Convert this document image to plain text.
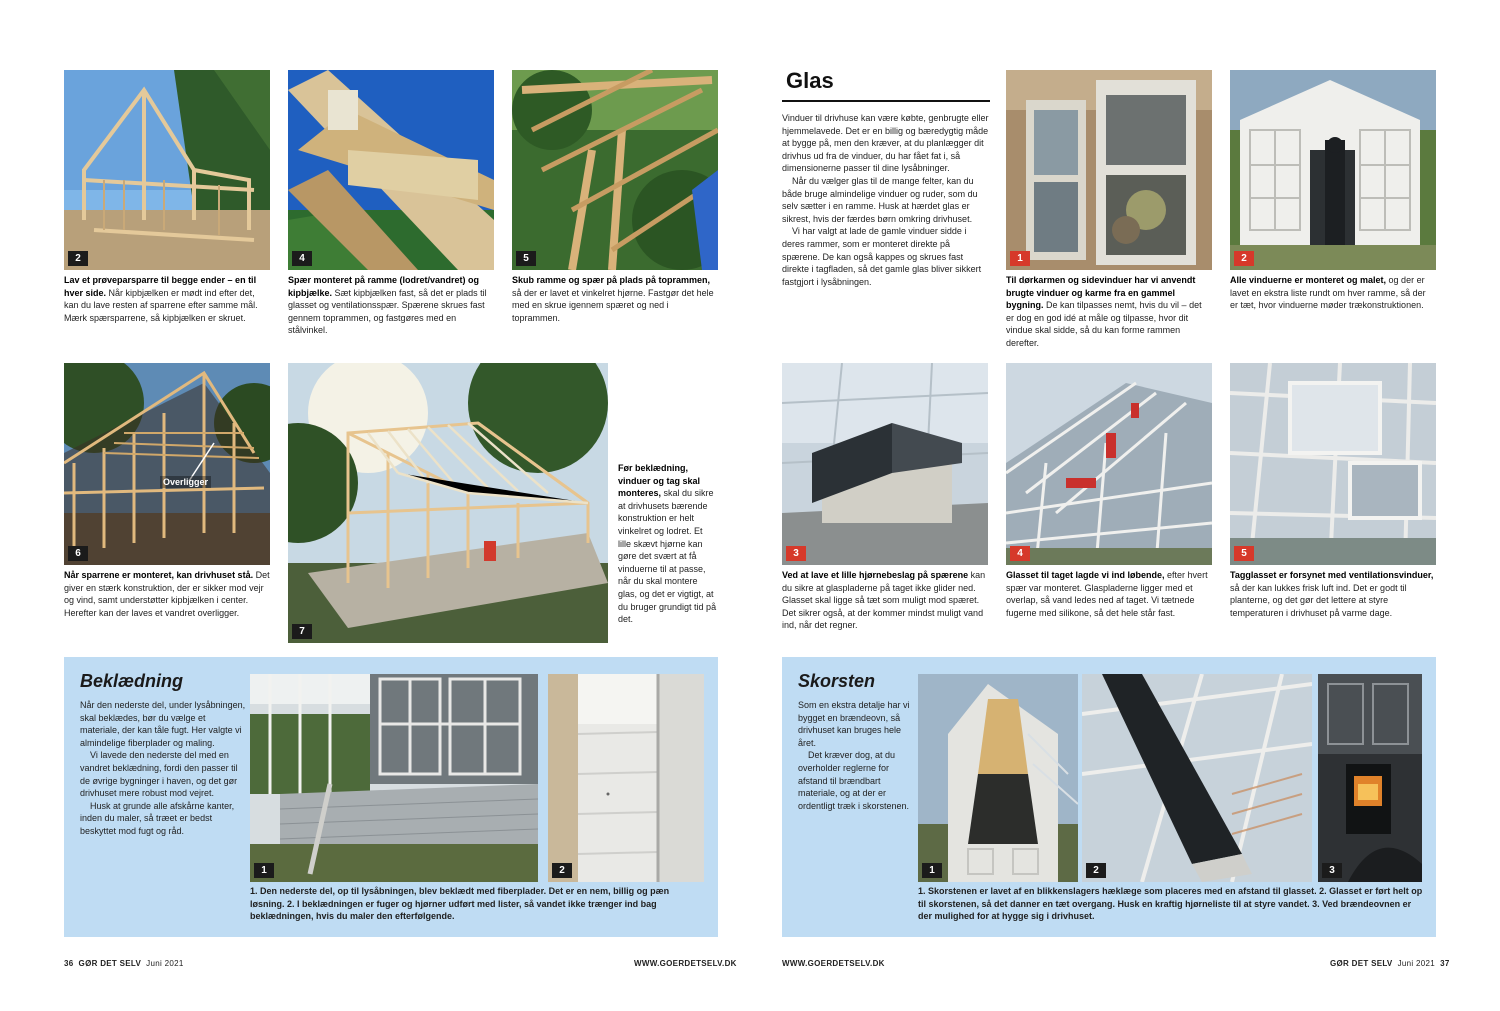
2
Lav et prøveparsparre til begge ender – en til hver side. Når kipbjælken er mødt ind efter det, kan du lave resten af sparrene efter samme mål. Mærk spærsparrene, så kipbjælken er skruet.
4
Spær monteret på ramme (lodret/vandret) og kipbjælke. Sæt kipbjælken fast, så det er plads til glasset og ventilationsspær. Spærene skrues fast gennem toprammen, og fastgøres med en stålvinkel.
5
Skub ramme og spær på plads på toprammen, så der er lavet et vinkelret hjørne. Fastgør det hele med en skrue igennem spæret og ned i toprammen.
Overligger
6
Når sparrene er monteret, kan drivhuset stå. Det giver en stærk konstruktion, der er sikker mod vejr og vind, samt understøtter kipbjælken i center. Herefter kan der laves et vandret overligger.
7
Før beklædning, vinduer og tag skal monteres, skal du sikre at drivhusets bærende konstruktion er helt vinkelret og lodret. Et lille skævt hjørne kan gøre det svært at få vinduerne til at passe, når du skal montere glas, og det er vigtigt, at du bruger grundigt tid på det.
Beklædning

Når den nederste del, under lysåbningen, skal beklædes, bør du vælge et materiale, der kan tåle fugt. Her valgte vi almindelige fiberplader og maling.

Vi lavede den nederste del med en vandret beklædning, fordi den passer til de øvrige bygninger i haven, og det gør drivhuset mere robust mod vejret.

Husk at grunde alle afskårne kanter, inden du maler, så træet er bedst beskyttet mod fugt og råd.

1	2
1. Den nederste del, op til lysåbningen, blev beklædt med fiberplader. Det er en nem, billig og pæn løsning. 2. I beklædningen er fuger og hjørner udført med lister, så vandet ikke trænger ind bag beklædningen, hvis du maler den efterfølgende.
36 GØR DET SELV Juni 2021	WWW.GOERDETSELV.DK
Glas

Vinduer til drivhuse kan være købte, genbrugte eller hjemmelavede. Det er en billig og bæredygtig måde at bygge på, men den kræver, at du planlægger dit drivhus ud fra de vinduer, du har fået fat i, så dimensionerne passer til dine lysåbninger.

Når du vælger glas til de mange felter, kan du både bruge almindelige vinduer og ruder, som du selv sætter i en ramme. Husk at hærdet glas er sikrest, hvis der færdes børn omkring drivhuset.

Vi har valgt at lade de gamle vinduer sidde i deres rammer, som er monteret direkte på spærene. De kan også kappes og skrues fast direkte i tagfladen, så det gamle glas bliver sikkert fastgjort i lysåbningen.

1
Til dørkarmen og sidevinduer har vi anvendt brugte vinduer og karme fra en gammel bygning. De kan tilpasses nemt, hvis du vil – det er dog en god idé at måle og tilpasse, hvor dit vindue skal sidde, så du kan forme rammen derefter.
2
Alle vinduerne er monteret og malet, og der er lavet en ekstra liste rundt om hver ramme, så der er tæt, hvor vinduerne møder trækonstruktionen.
3
Ved at lave et lille hjørnebeslag på spærene kan du sikre at glaspladerne på taget ikke glider ned. Glasset skal ligge så tæt som muligt mod spæret. Det sikrer også, at der kommer mindst muligt vand ind, når det regner.
4
Glasset til taget lagde vi ind løbende, efter hvert spær var monteret. Glaspladerne ligger med et overlap, så vand ledes ned af taget. Vi tætnede fugerne med silikone, så det hele står fast.
5
Tagglasset er forsynet med ventilationsvinduer, så der kan lukkes frisk luft ind. Det er godt til planterne, og det gør det lettere at styre temperaturen i drivhuset på varme dage.
Skorsten

Som en ekstra detalje har vi bygget en brændeovn, så drivhuset kan bruges hele året.

Det kræver dog, at du overholder reglerne for afstand til brændbart materiale, og at der er ordentligt træk i skorstenen.

1	2	3
1. Skorstenen er lavet af en blikkenslagers hæklæge som placeres med en afstand til glasset. 2. Glasset er ført helt op til skorstenen, så det danner en tæt overgang. Husk en kraftig hjørneliste til at styre vandet. 3. Ved brændeovnen er der mulighed for at hygge sig i drivhuset.
WWW.GOERDETSELV.DK	GØR DET SELV Juni 2021 37
